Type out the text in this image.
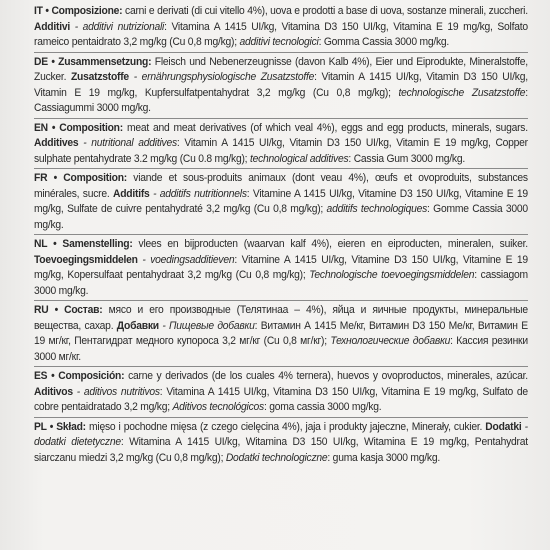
IT • Composizione: carni e derivati (di cui vitello 4%), uova e prodotti a base di uova, sostanze minerali, zuccheri. Additivi - additivi nutrizionali: Vitamina A 1415 UI/kg, Vitamina D3 150 UI/kg, Vitamina E 19 mg/kg, Solfato rameico pentaidrato 3,2 mg/kg (Cu 0,8 mg/kg); additivi tecnologici: Gomma Cassia 3000 mg/kg.

DE • Zusammensetzung: Fleisch und Nebenerzeugnisse (davon Kalb 4%), Eier und Eiprodukte, Mineralstoffe, Zucker. Zusatzstoffe - ernährungsphysiologische Zusatzstoffe: Vitamin A 1415 UI/kg, Vitamin D3 150 UI/kg, Vitamin E 19 mg/kg, Kupfersulfatpentahydrat 3,2 mg/kg (Cu 0,8 mg/kg); technologische Zusatzstoffe: Cassiagummi 3000 mg/kg.

EN • Composition: meat and meat derivatives (of which veal 4%), eggs and egg products, minerals, sugars. Additives - nutritional additives: Vitamin A 1415 UI/kg, Vitamin D3 150 UI/kg, Vitamin E 19 mg/kg, Copper sulphate pentahydrate 3.2 mg/kg (Cu 0.8 mg/kg); technological additives: Cassia Gum 3000 mg/kg.

FR • Composition: viande et sous-produits animaux (dont veau 4%), œufs et ovoproduits, substances minérales, sucre. Additifs - additifs nutritionnels: Vitamine A 1415 UI/kg, Vitamine D3 150 UI/kg, Vitamine E 19 mg/kg, Sulfate de cuivre pentahydraté 3,2 mg/kg (Cu 0,8 mg/kg); additifs technologiques: Gomme Cassia 3000 mg/kg.

NL • Samenstelling: vlees en bijproducten (waarvan kalf 4%), eieren en eiproducten, mineralen, suiker. Toevoegingsmiddelen - voedingsadditieven: Vitamine A 1415 UI/kg, Vitamine D3 150 UI/kg, Vitamine E 19 mg/kg, Kopersulfaat pentahydraat 3,2 mg/kg (Cu 0,8 mg/kg); Technologische toevoegingsmiddelen: cassiagom 3000 mg/kg.

RU • Состав: мясо и его производные (Телятинаа – 4%), яйца и яичные продукты, минеральные вещества, сахар. Добавки - Пищевые добавки: Витамин А 1415 Ме/кг, Витамин D3 150 Ме/кг, Витамин Е 19 мг/кг, Пентагидрат медного купороса 3,2 мг/кг (Cu 0,8 мг/кг); Технологические добавки: Кассия резинки 3000 мг/кг.

ES • Composición: carne y derivados (de los cuales 4% ternera), huevos y ovoproductos, minerales, azúcar. Aditivos - aditivos nutritivos: Vitamina A 1415 UI/kg, Vitamina D3 150 UI/kg, Vitamina E 19 mg/kg, Sulfato de cobre pentaidratado 3,2 mg/kg; Aditivos tecnológicos: goma cassia 3000 mg/kg.

PL • Skład: mięso i pochodne mięsa (z czego cielęcina 4%), jaja i produkty jajeczne, Minerały, cukier. Dodatki - dodatki dietetyczne: Witamina A 1415 UI/kg, Witamina D3 150 UI/kg, Witamina E 19 mg/kg, Pentahydrat siarczanu miedzi 3,2 mg/kg (Cu 0,8 mg/kg); Dodatki technologiczne: guma kasja 3000 mg/kg.
